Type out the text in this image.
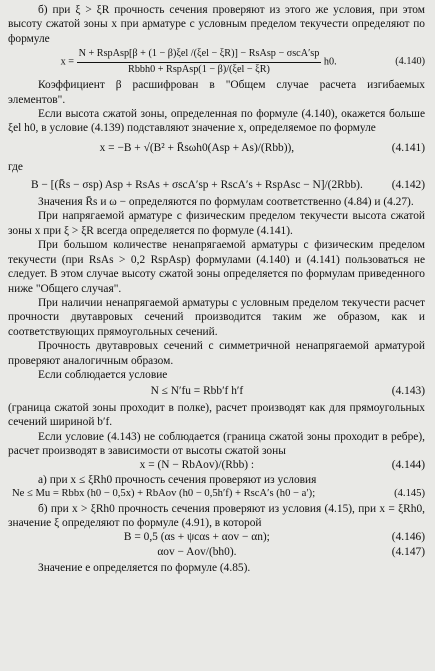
б) при ξ > ξR прочность сечения проверяют из этого же условия, при этом высоту сжатой зоны x при арматуре с условным пределом текучести определяют по формуле

$x = \frac{\text{N + RspAsp[β + (1 − β)ξel /(ξel − ξR)] − RsAsp − σscA′sp}}{\text{Rbbh0 + RspAsp(1 − β)/(ξel − ξR)}} h0$.	(4.140)

Коэффициент β расшифрован в "Общем случае расчета изгибаемых элементов".

Если высота сжатой зоны, определенная по формуле (4.140), окажется больше ξel h0, в условие (4.139) подставляют значение x, определяемое по формуле

x = −B + √(B² + R̄sωh0(Asp + As)/(Rbb)),	(4.141)

где

B − [(R̄s − σsp) Asp + RsAs + σscA′sp + RscA′s + RspAsc − N]/(2Rbb).	(4.142)

Значения R̄s и ω − определяются по формулам соответственно (4.84) и (4.27).

При напрягаемой арматуре с физическим пределом текучести высота сжатой зоны x при ξ > ξR всегда определяется по формуле (4.141).

При большом количестве ненапрягаемой арматуры с физическим пределом текучести (при RsAs > 0,2 RspAsp) формулами (4.140) и (4.141) пользоваться не следует. В этом случае высоту сжатой зоны определяется по формулам приведенного ниже "Общего случая".

При наличии ненапрягаемой арматуры с условным пределом текучести расчет прочности двутавровых сечений производится таким же образом, как и соответствующих прямоугольных сечений.

Прочность двутавровых сечений с симметричной ненапрягаемой арматурой проверяют аналогичным образом.

Если соблюдается условие

N ≤ N′fu = Rbb′f h′f	(4.143)

(граница сжатой зоны проходит в полке), расчет производят как для прямоугольных сечений шириной b′f.

Если условие (4.143) не соблюдается (граница сжатой зоны проходит в ребре), расчет производят в зависимости от высоты сжатой зоны

x = (N − RbAov)/(Rbb) :	(4.144)

а) при x ≤ ξRh0 прочность сечения проверяют из условия

Ne ≤ Mu = Rbbx (h0 − 0,5x) + RbAov (h0 − 0,5h′f) + RscA′s (h0 − a′);	(4.145)

б) при x > ξRh0 прочность сечения проверяют из условия (4.15), при x = ξRh0, значение ξ определяют по формуле (4.91), в которой

B = 0,5 (αs + ψcαs + αov − αn);	(4.146)
αov − Aov/(bh0).	(4.147)

Значение e определяется по формуле (4.85).
